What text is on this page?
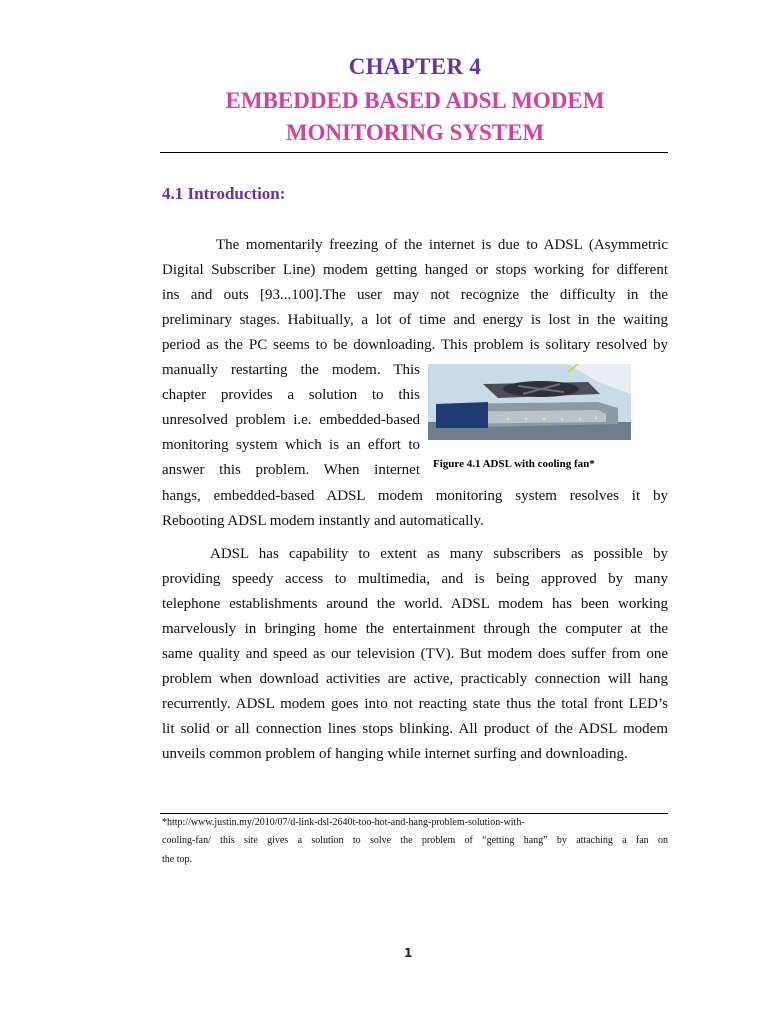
CHAPTER 4
EMBEDDED BASED ADSL MODEM
MONITORING SYSTEM
4.1 Introduction:
The momentarily freezing of the internet is due to ADSL (Asymmetric
Digital Subscriber Line) modem getting hanged or stops working for different
ins and outs [93...100].The user may not recognize the difficulty in the
preliminary stages. Habitually, a lot of time and energy is lost in the waiting
period as the PC seems to be downloading. This problem is solitary resolved by
manually restarting the modem. This
chapter provides a solution to this
unresolved problem i.e. embedded-based
monitoring system which is an effort to
answer this problem. When internet Figure 4.1 ADSL with cooling fan*
hangs, embedded-based ADSL modem monitoring system resolves it by
Rebooting ADSL modem instantly and automatically.
ADSL has capability to extent as many subscribers as possible by
providing speedy access to multimedia, and is being approved by many
telephone establishments around the world. ADSL modem has been working
marvelously in bringing home the entertainment through the computer at the
same quality and speed as our television (TV). But modem does suffer from one
problem when download activities are active, practicably connection will hang
recurrently. ADSL modem goes into not reacting state thus the total front LED’s
lit solid or all connection lines stops blinking. All product of the ADSL modem
unveils common problem of hanging while internet surfing and downloading.
*http://www.justin.my/2010/07/d-link-dsl-2640t-too-hot-and-hang-problem-solution-with-
cooling-fan/ this site gives a solution to solve the problem of “getting hang” by attaching a fan on
the top.
1
